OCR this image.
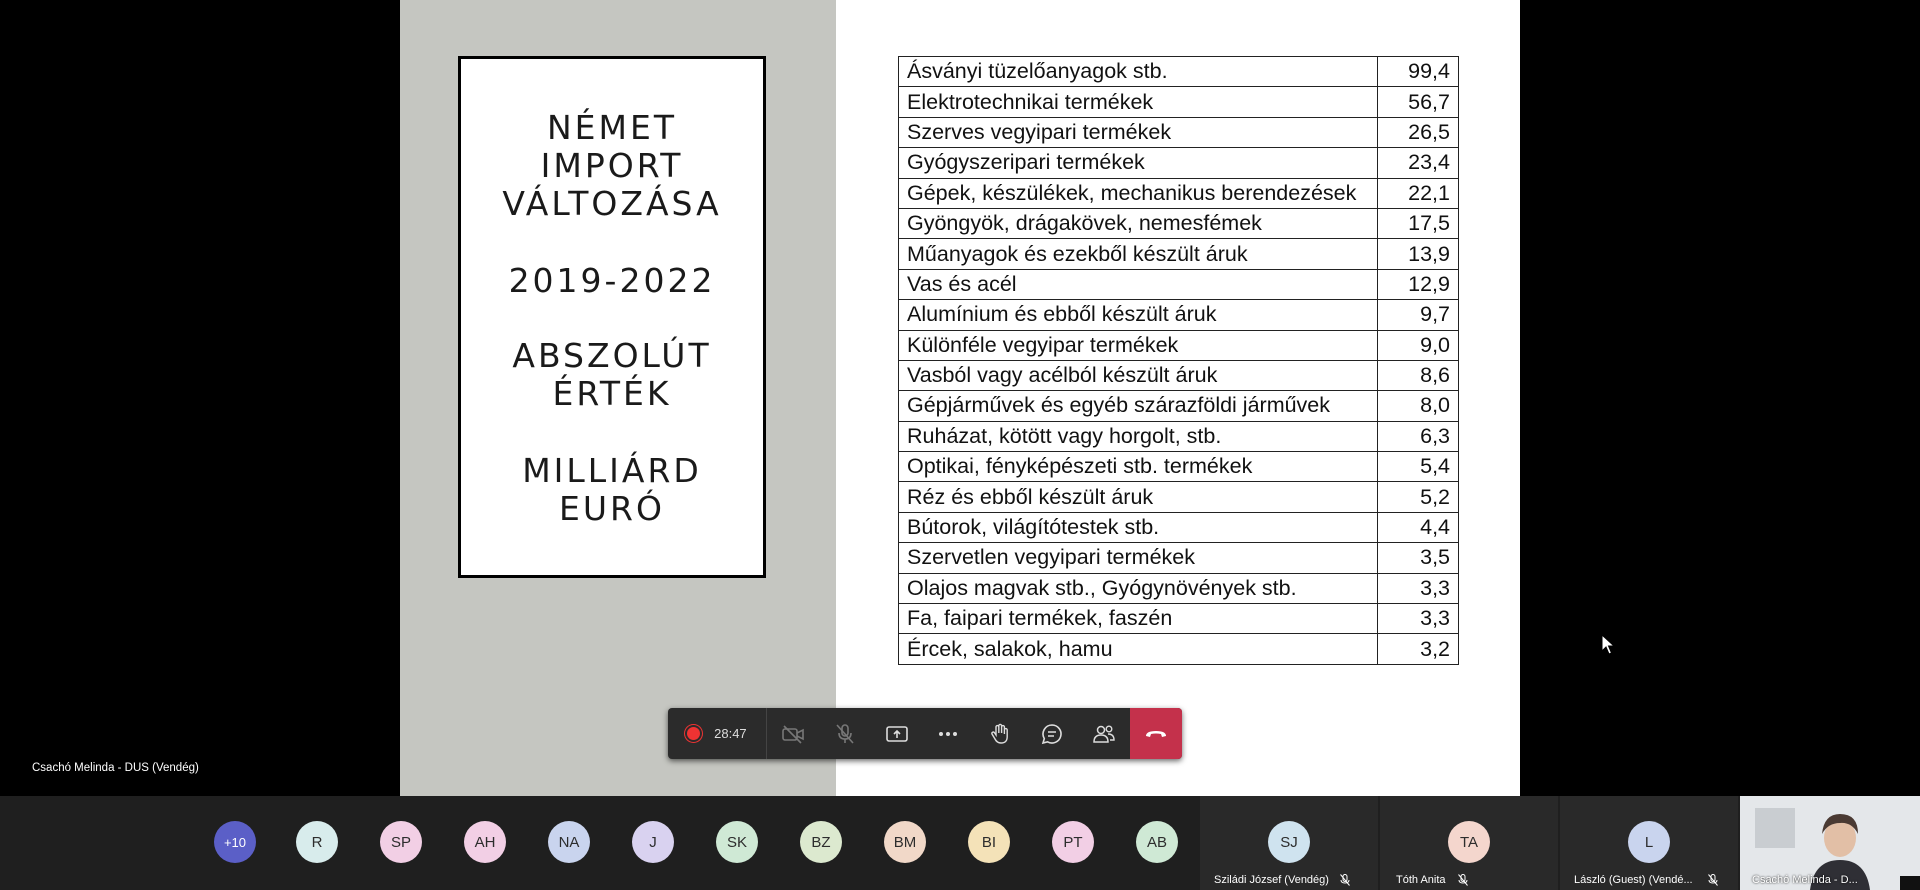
NÉMET
IMPORT
VÁLTOZÁSA

2019-2022

ABSZOLÚT
ÉRTÉK

MILLIÁRD
EURÓ

Ásványi tüzelőanyagok stb.	99,4
Elektrotechnikai termékek	56,7
Szerves vegyipari termékek	26,5
Gyógyszeripari termékek	23,4
Gépek, készülékek, mechanikus berendezések	22,1
Gyöngyök, drágakövek, nemesfémek	17,5
Műanyagok és ezekből készült áruk	13,9
Vas és acél	12,9
Alumínium és ebből készült áruk	9,7
Különféle vegyipar termékek	9,0
Vasból vagy acélból készült áruk	8,6
Gépjárművek és egyéb szárazföldi járművek	8,0
Ruházat, kötött vagy horgolt, stb.	6,3
Optikai, fényképészeti stb. termékek	5,4
Réz és ebből készült áruk	5,2
Bútorok, világítótestek stb.	4,4
Szervetlen vegyipari termékek	3,5
Olajos magvak stb., Gyógynövények stb.	3,3
Fa, faipari termékek, faszén	3,3
Ércek, salakok, hamu	3,2
Csachó Melinda - DUS (Vendég)
28:47
+10	R	SP	AH	NA	J	SK	BZ	BM	BI	PT	AB	SJ
Sziládi József (Vendég)
TA
Tóth Anita
L
László (Guest) (Vendé...	Csachó Melinda - D...
